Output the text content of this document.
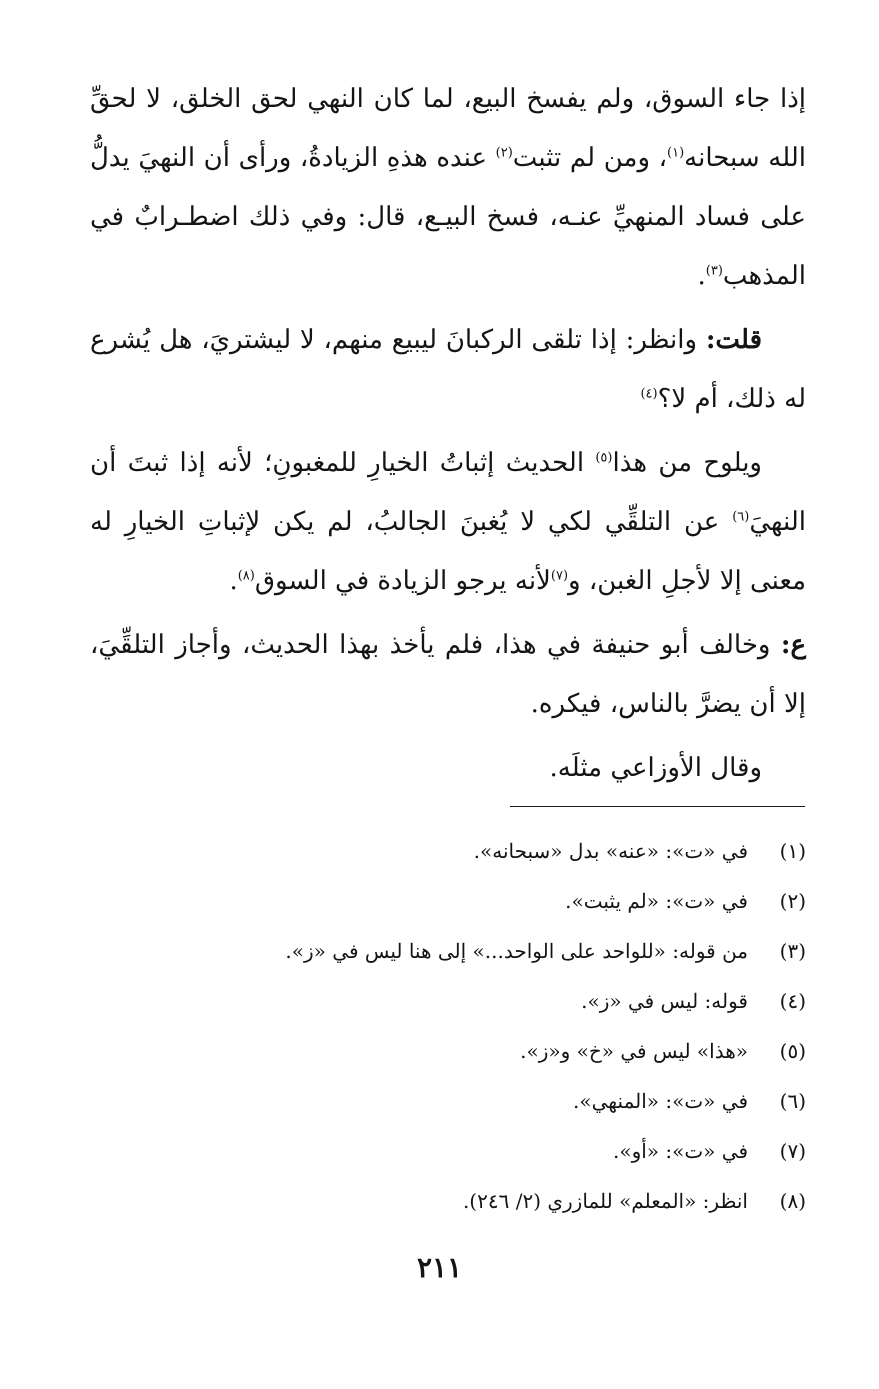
إذا جاء السوق، ولم يفسخ البيع، لما كان النهي لحق الخلق، لا لحقِّ الله سبحانه$^{(١)}$، ومن لم تثبت$^{(٢)}$ عنده هذهِ الزيادةُ، ورأى أن النهيَ يدلُّ على فساد المنهيِّ عنـه، فسخ البيـع، قال: وفي ذلك اضطـرابٌ في المذهب$^{(٣)}$.

قلت: وانظر: إذا تلقى الركبانَ ليبيع منهم، لا ليشتريَ، هل يُشرع له ذلك، أم لا؟$^{(٤)}$

ويلوح من هذا$^{(٥)}$ الحديث إثباتُ الخيارِ للمغبونِ؛ لأنه إذا ثبتَ أن النهيَ$^{(٦)}$ عن التلقِّي لكي لا يُغبنَ الجالبُ، لم يكن لإثباتِ الخيارِ له معنى إلا لأجلِ الغبن، و$^{(٧)}$لأنه يرجو الزيادة في السوق$^{(٨)}$.

ع: وخالف أبو حنيفة في هذا، فلم يأخذ بهذا الحديث، وأجاز التلقِّيَ، إلا أن يضرَّ بالناس، فيكره.

وقال الأوزاعي مثلَه.

(١)
في «ت»: «عنه» بدل «سبحانه».
(٢)
في «ت»: «لم يثبت».
(٣)
من قوله: «للواحد على الواحد...» إلى هنا ليس في «ز».
(٤)
قوله: ليس في «ز».
(٥)
«هذا» ليس في «خ» و«ز».
(٦)
في «ت»: «المنهي».
(٧)
في «ت»: «أو».
(٨)
انظر: «المعلم» للمازري (٢/ ٢٤٦).
٢١١
